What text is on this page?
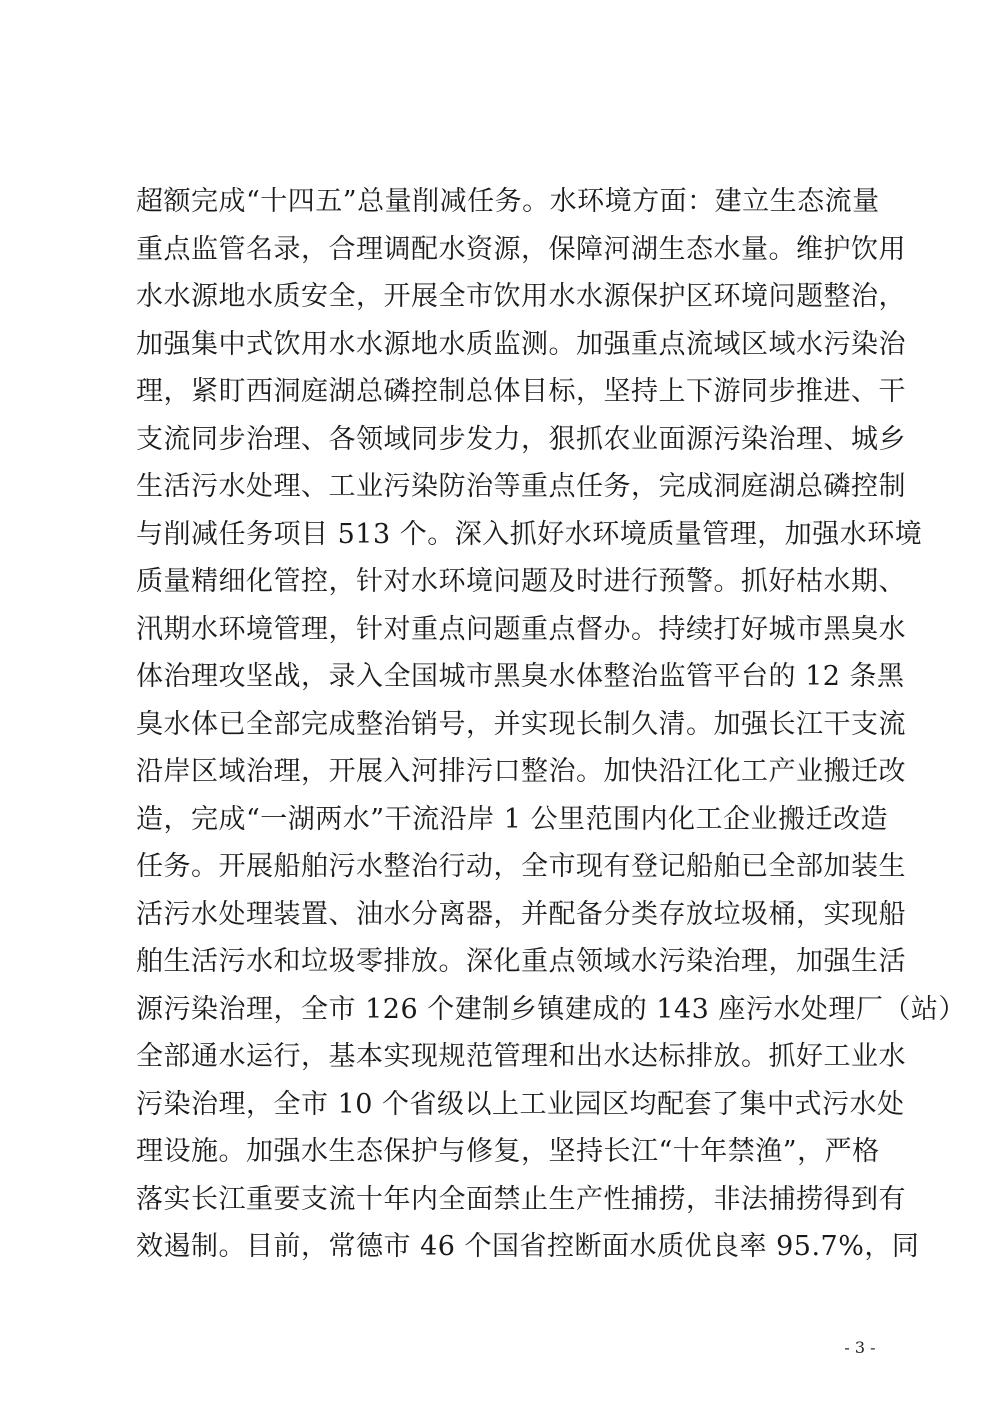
超额完成“十四五”总量削减任务。水环境方面：建立生态流量
重点监管名录，合理调配水资源，保障河湖生态水量。维护饮用
水水源地水质安全，开展全市饮用水水源保护区环境问题整治，
加强集中式饮用水水源地水质监测。加强重点流域区域水污染治
理，紧盯西洞庭湖总磷控制总体目标，坚持上下游同步推进、干
支流同步治理、各领域同步发力，狠抓农业面源污染治理、城乡
生活污水处理、工业污染防治等重点任务，完成洞庭湖总磷控制
与削减任务项目 513 个。深入抓好水环境质量管理，加强水环境
质量精细化管控，针对水环境问题及时进行预警。抓好枯水期、
汛期水环境管理，针对重点问题重点督办。持续打好城市黑臭水
体治理攻坚战，录入全国城市黑臭水体整治监管平台的 12 条黑
臭水体已全部完成整治销号，并实现长制久清。加强长江干支流
沿岸区域治理，开展入河排污口整治。加快沿江化工产业搬迁改
造，完成“一湖两水”干流沿岸 1 公里范围内化工企业搬迁改造
任务。开展船舶污水整治行动，全市现有登记船舶已全部加装生
活污水处理装置、油水分离器，并配备分类存放垃圾桶，实现船
舶生活污水和垃圾零排放。深化重点领域水污染治理，加强生活
源污染治理，全市 126 个建制乡镇建成的 143 座污水处理厂（站）
全部通水运行，基本实现规范管理和出水达标排放。抓好工业水
污染治理，全市 10 个省级以上工业园区均配套了集中式污水处
理设施。加强水生态保护与修复，坚持长江“十年禁渔”，严格
落实长江重要支流十年内全面禁止生产性捕捞，非法捕捞得到有
效遏制。目前，常德市 46 个国省控断面水质优良率 95.7%，同
- 3 -
